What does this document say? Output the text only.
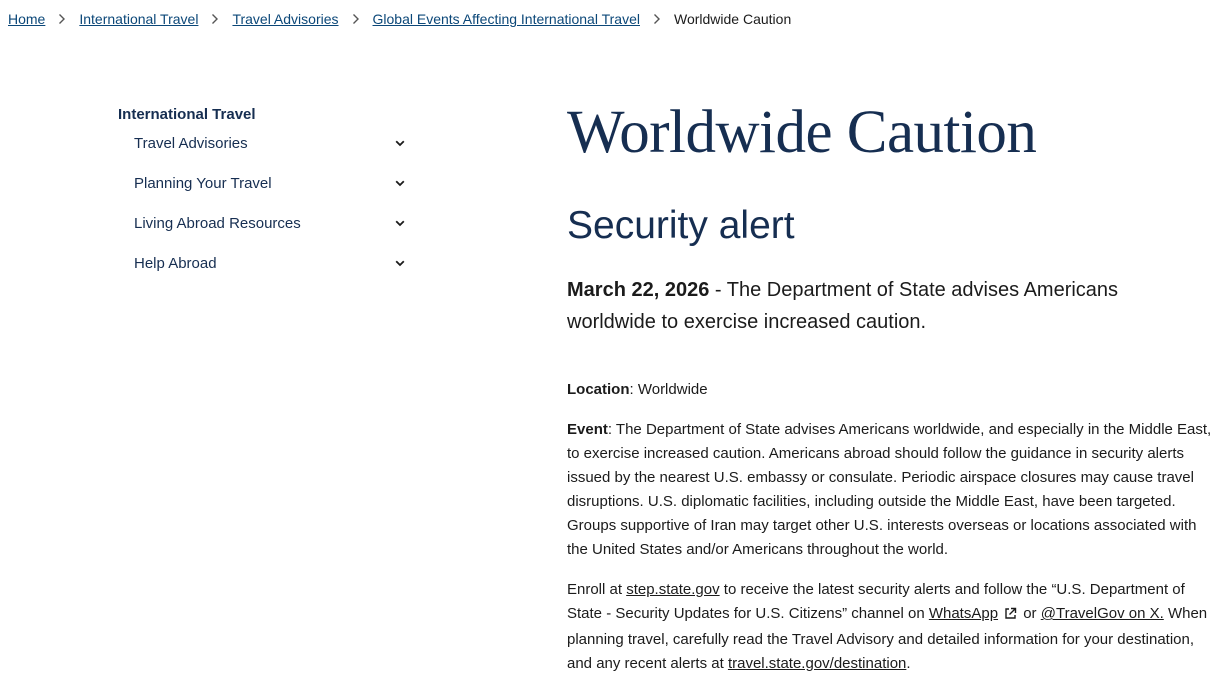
Home International Travel Travel Advisories Global Events Affecting International Travel Worldwide Caution
International Travel
Travel Advisories
Planning Your Travel
Living Abroad Resources
Help Abroad
Worldwide Caution
Security alert

March 22, 2026 - The Department of State advises Americans worldwide to exercise increased caution.

Location: Worldwide

Event: The Department of State advises Americans worldwide, and especially in the Middle East, to exercise increased caution. Americans abroad should follow the guidance in security alerts issued by the nearest U.S. embassy or consulate. Periodic airspace closures may cause travel disruptions. U.S. diplomatic facilities, including outside the Middle East, have been targeted. Groups supportive of Iran may target other U.S. interests overseas or locations associated with the United States and/or Americans throughout the world.

Enroll at step.state.gov to receive the latest security alerts and follow the “U.S. Department of State - Security Updates for U.S. Citizens” channel on WhatsApp or @TravelGov on X. When planning travel, carefully read the Travel Advisory and detailed information for your destination, and any recent alerts at travel.state.gov/destination.
